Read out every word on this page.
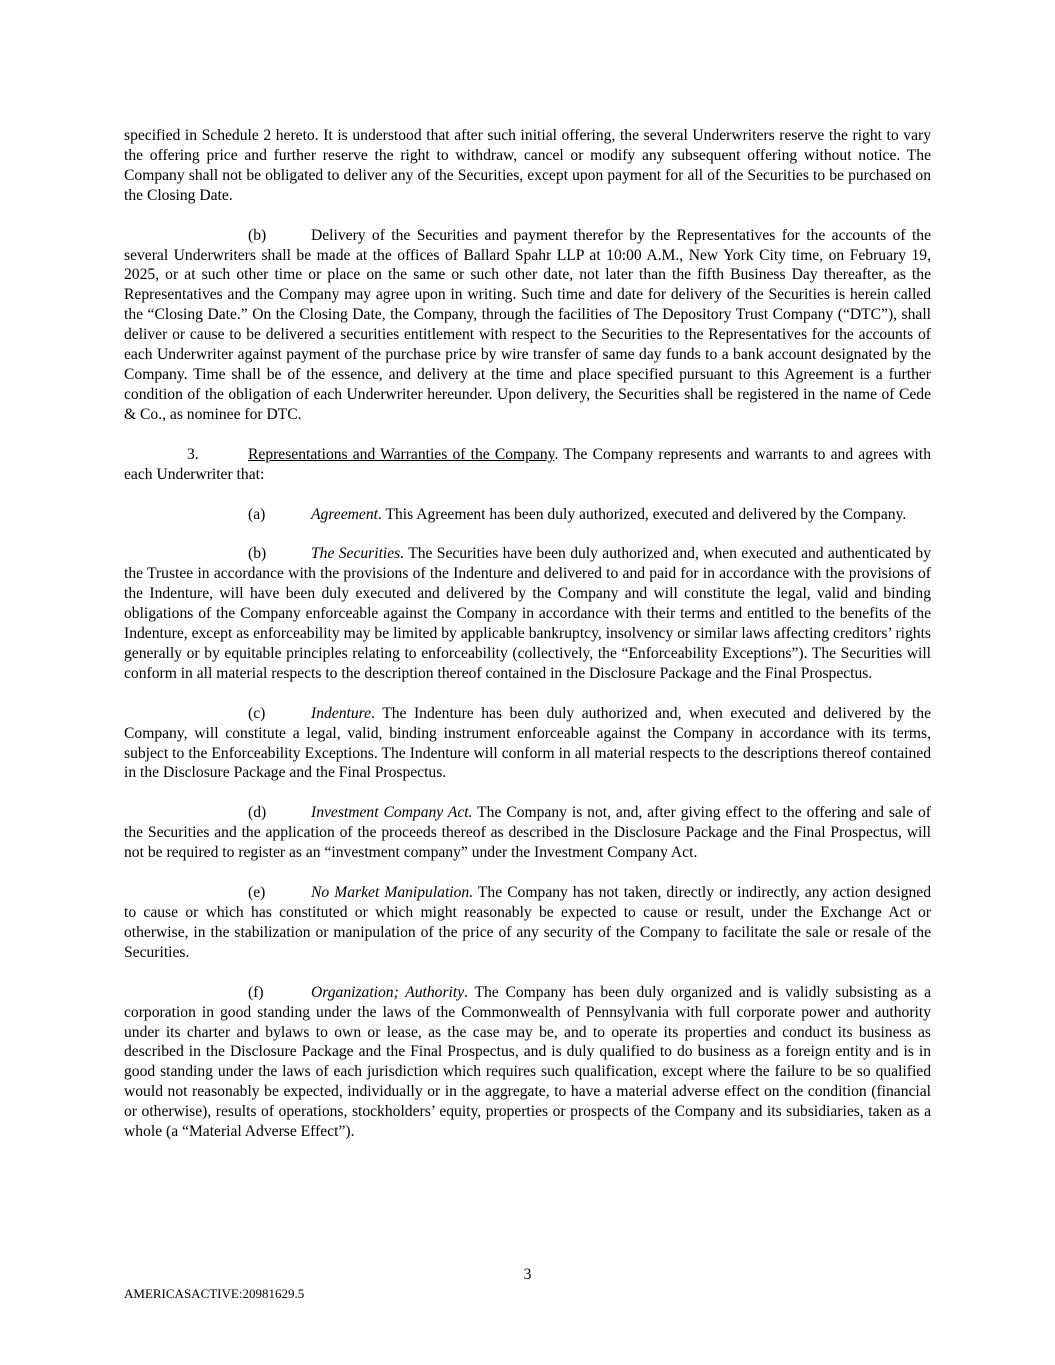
specified in Schedule 2 hereto. It is understood that after such initial offering, the several Underwriters reserve the right to vary the offering price and further reserve the right to withdraw, cancel or modify any subsequent offering without notice. The Company shall not be obligated to deliver any of the Securities, except upon payment for all of the Securities to be purchased on the Closing Date.

(b)	Delivery of the Securities and payment therefor by the Representatives for the accounts of the several Underwriters shall be made at the offices of Ballard Spahr LLP at 10:00 A.M., New York City time, on February 19, 2025, or at such other time or place on the same or such other date, not later than the fifth Business Day thereafter, as the Representatives and the Company may agree upon in writing. Such time and date for delivery of the Securities is herein called the “Closing Date.” On the Closing Date, the Company, through the facilities of The Depository Trust Company (“DTC”), shall deliver or cause to be delivered a securities entitlement with respect to the Securities to the Representatives for the accounts of each Underwriter against payment of the purchase price by wire transfer of same day funds to a bank account designated by the Company. Time shall be of the essence, and delivery at the time and place specified pursuant to this Agreement is a further condition of the obligation of each Underwriter hereunder. Upon delivery, the Securities shall be registered in the name of Cede & Co., as nominee for DTC.

3.	Representations and Warranties of the Company. The Company represents and warrants to and agrees with each Underwriter that:

(a)	Agreement. This Agreement has been duly authorized, executed and delivered by the Company.

(b)	The Securities. The Securities have been duly authorized and, when executed and authenticated by the Trustee in accordance with the provisions of the Indenture and delivered to and paid for in accordance with the provisions of the Indenture, will have been duly executed and delivered by the Company and will constitute the legal, valid and binding obligations of the Company enforceable against the Company in accordance with their terms and entitled to the benefits of the Indenture, except as enforceability may be limited by applicable bankruptcy, insolvency or similar laws affecting creditors’ rights generally or by equitable principles relating to enforceability (collectively, the “Enforceability Exceptions”). The Securities will conform in all material respects to the description thereof contained in the Disclosure Package and the Final Prospectus.

(c)	Indenture. The Indenture has been duly authorized and, when executed and delivered by the Company, will constitute a legal, valid, binding instrument enforceable against the Company in accordance with its terms, subject to the Enforceability Exceptions. The Indenture will conform in all material respects to the descriptions thereof contained in the Disclosure Package and the Final Prospectus.

(d)	Investment Company Act. The Company is not, and, after giving effect to the offering and sale of the Securities and the application of the proceeds thereof as described in the Disclosure Package and the Final Prospectus, will not be required to register as an “investment company” under the Investment Company Act.

(e)	No Market Manipulation. The Company has not taken, directly or indirectly, any action designed to cause or which has constituted or which might reasonably be expected to cause or result, under the Exchange Act or otherwise, in the stabilization or manipulation of the price of any security of the Company to facilitate the sale or resale of the Securities.

(f)	Organization; Authority. The Company has been duly organized and is validly subsisting as a corporation in good standing under the laws of the Commonwealth of Pennsylvania with full corporate power and authority under its charter and bylaws to own or lease, as the case may be, and to operate its properties and conduct its business as described in the Disclosure Package and the Final Prospectus, and is duly qualified to do business as a foreign entity and is in good standing under the laws of each jurisdiction which requires such qualification, except where the failure to be so qualified would not reasonably be expected, individually or in the aggregate, to have a material adverse effect on the condition (financial or otherwise), results of operations, stockholders’ equity, properties or prospects of the Company and its subsidiaries, taken as a whole (a “Material Adverse Effect”).

3
AMERICASACTIVE:20981629.5
